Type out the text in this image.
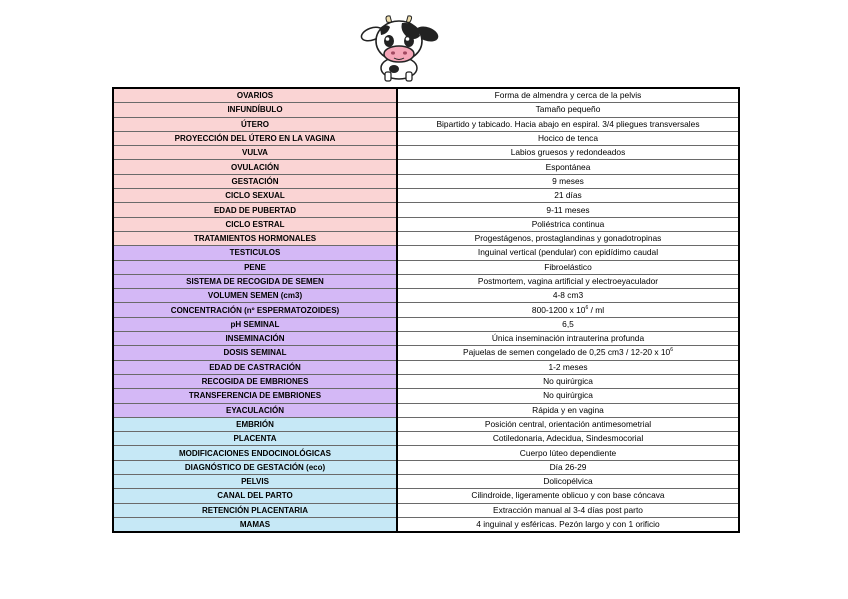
OVARIOS	Forma de almendra y cerca de la pelvis
INFUNDÍBULO	Tamaño pequeño
ÚTERO	Bipartido y tabicado. Hacia abajo en espiral. 3/4 pliegues transversales
PROYECCIÓN DEL ÚTERO EN LA VAGINA	Hocico de tenca
VULVA	Labios gruesos y redondeados
OVULACIÓN	Espontánea
GESTACIÓN	9 meses
CICLO SEXUAL	21 días
EDAD DE PUBERTAD	9-11 meses
CICLO ESTRAL	Poliéstrica continua
TRATAMIENTOS HORMONALES	Progestágenos, prostaglandinas y gonadotropinas
TESTICULOS	Inguinal vertical (pendular) con epidídimo caudal
PENE	Fibroelástico
SISTEMA DE RECOGIDA DE SEMEN	Postmortem, vagina artificial y electroeyaculador
VOLUMEN SEMEN (cm3)	4-8 cm3
CONCENTRACIÓN (nº ESPERMATOZOIDES)	800-1200 x $10^6$ / ml
pH SEMINAL	6,5
INSEMINACIÓN	Única inseminación intrauterina profunda
DOSIS SEMINAL	Pajuelas de semen congelado de 0,25 cm3 / 12-20 x $10^6$
EDAD DE CASTRACIÓN	1-2 meses
RECOGIDA DE EMBRIONES	No quirúrgica
TRANSFERENCIA DE EMBRIONES	No quirúrgica
EYACULACIÓN	Rápida y en vagina
EMBRIÓN	Posición central, orientación antimesometrial
PLACENTA	Cotiledonaria, Adecidua, Sindesmocorial
MODIFICACIONES ENDOCINOLÓGICAS	Cuerpo lúteo dependiente
DIAGNÓSTICO DE GESTACIÓN (eco)	Día 26-29
PELVIS	Dolicopélvica
CANAL DEL PARTO	Cilindroide, ligeramente oblicuo y con base cóncava
RETENCIÓN PLACENTARIA	Extracción manual al 3-4 días post parto
MAMAS	4 inguinal y esféricas. Pezón largo y con 1 orificio
